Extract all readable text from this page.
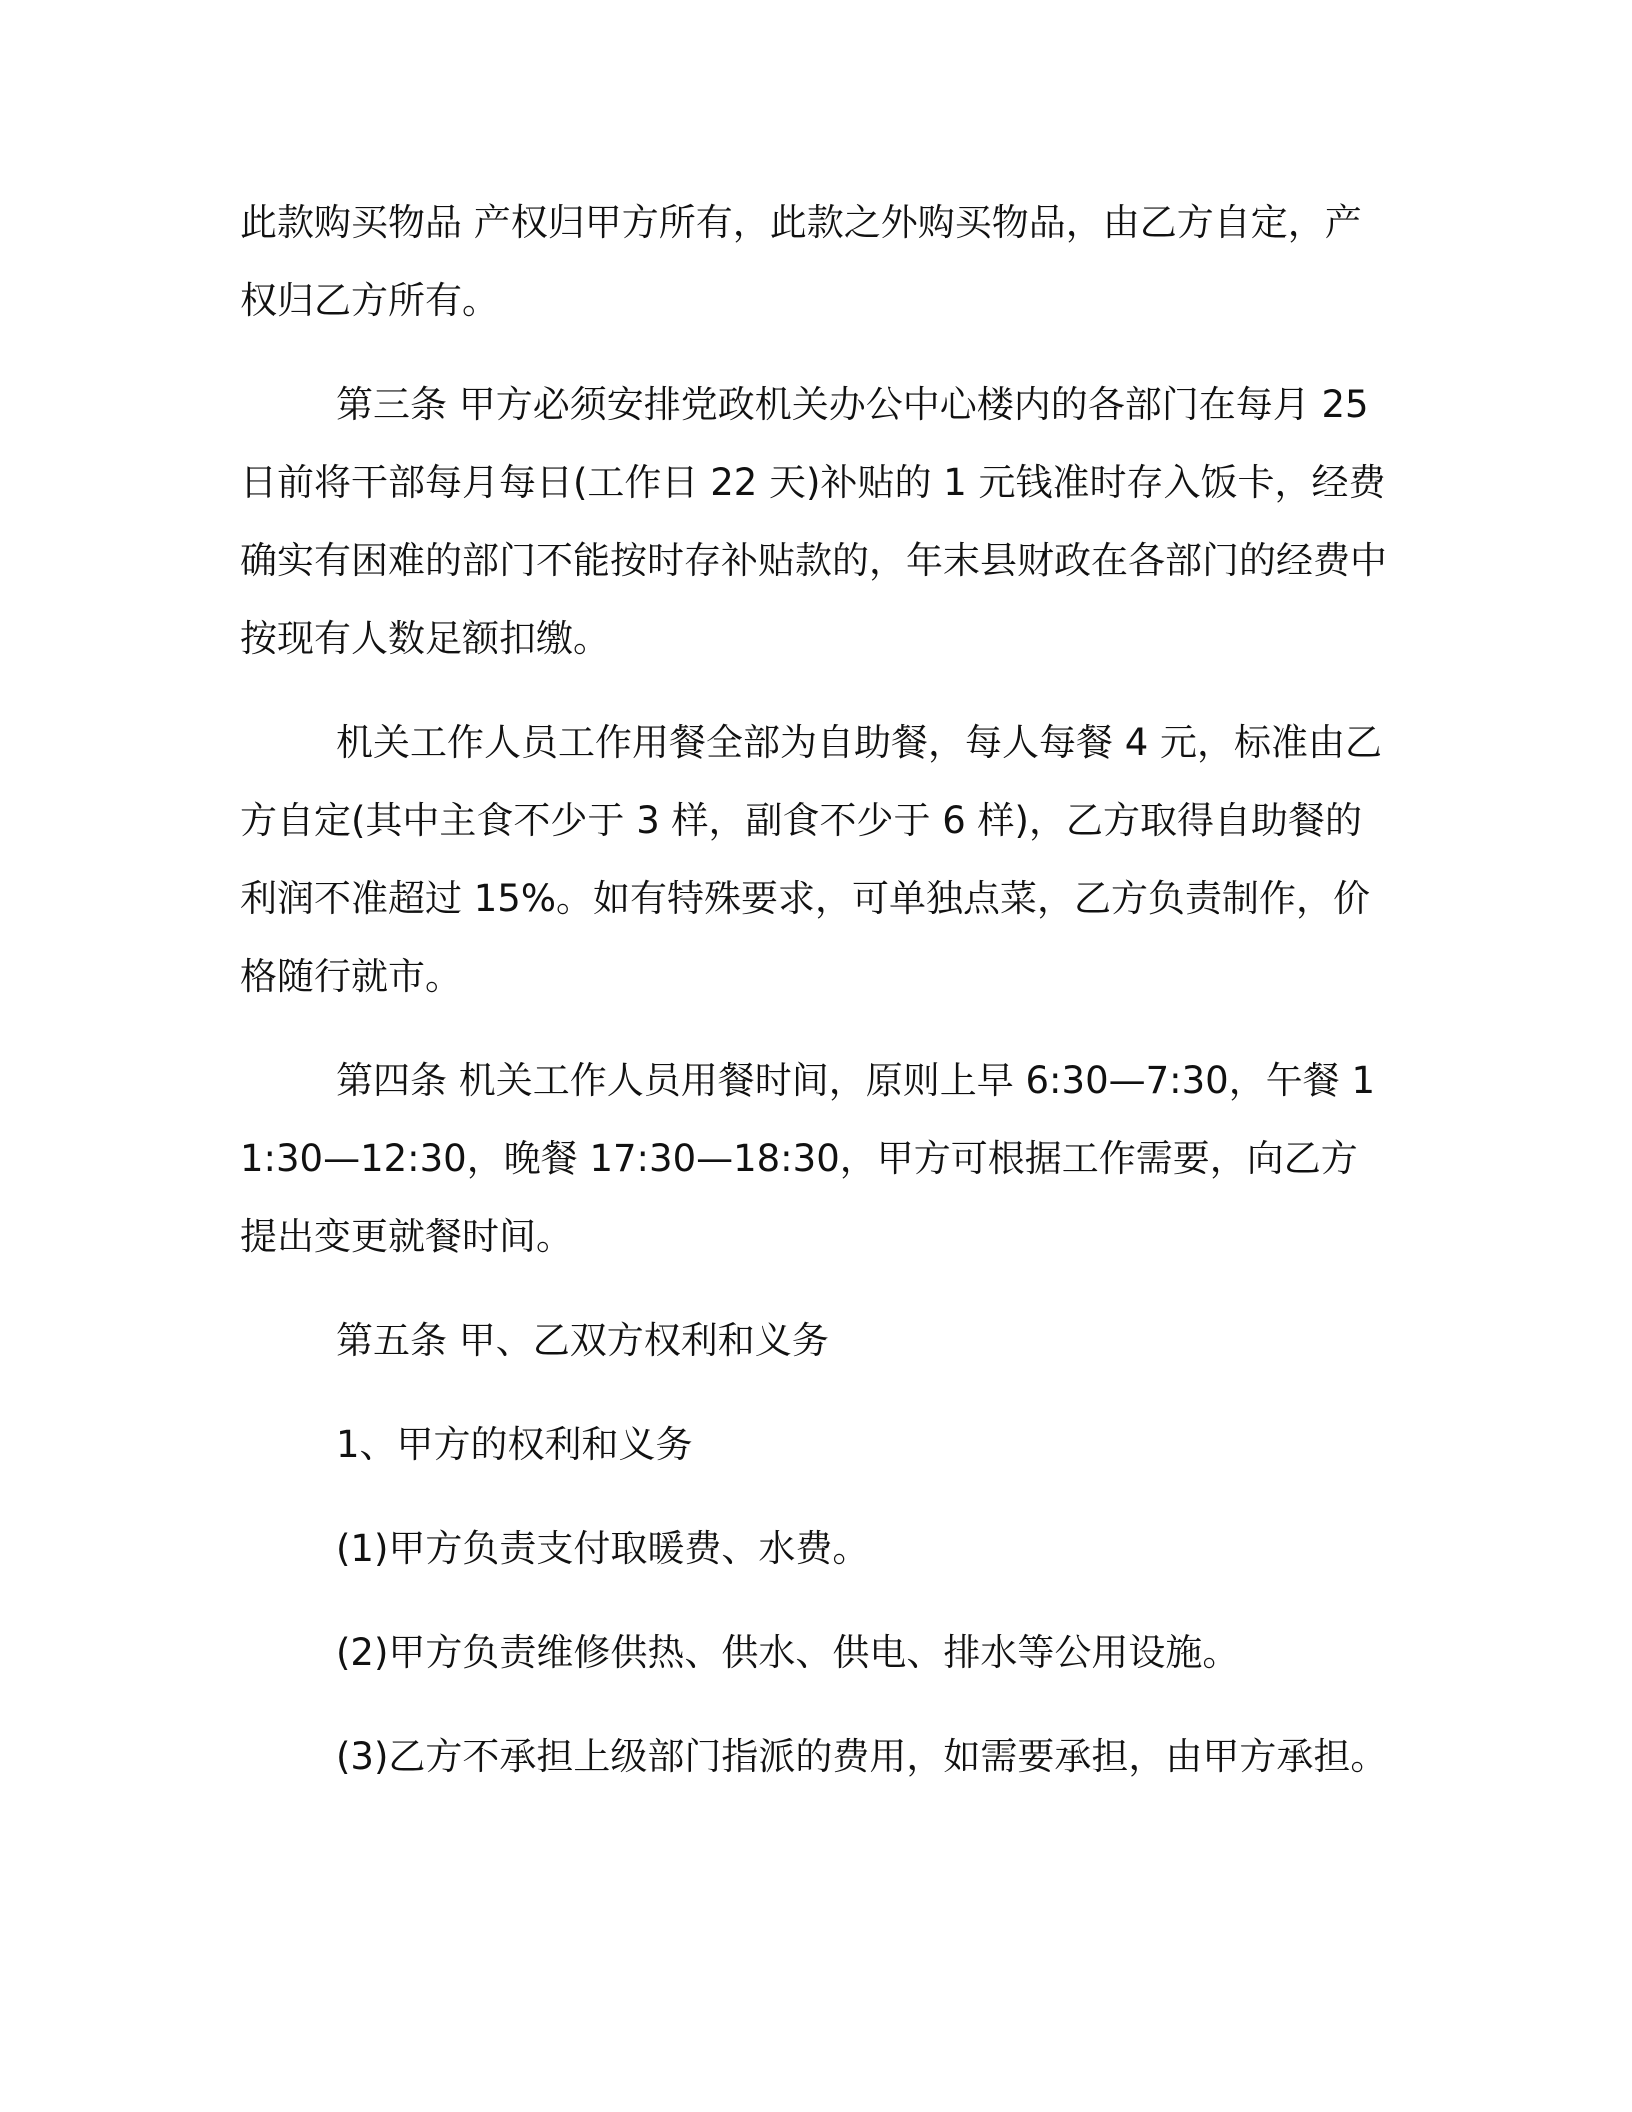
此款购买物品 产权归甲方所有，此款之外购买物品，由乙方自定，产权归乙方所有。

第三条 甲方必须安排党政机关办公中心楼内的各部门在每月 25 日前将干部每月每日(工作日 22 天)补贴的 1 元钱准时存入饭卡，经费确实有困难的部门不能按时存补贴款的，年末县财政在各部门的经费中按现有人数足额扣缴。

机关工作人员工作用餐全部为自助餐，每人每餐 4 元，标准由乙方自定(其中主食不少于 3 样，副食不少于 6 样)，乙方取得自助餐的利润不准超过 15%。如有特殊要求，可单独点菜，乙方负责制作，价格随行就市。

第四条 机关工作人员用餐时间，原则上早 6:30—7:30，午餐 11:30—12:30，晚餐 17:30—18:30，甲方可根据工作需要，向乙方提出变更就餐时间。

第五条 甲、乙双方权利和义务

1、甲方的权利和义务

(1)甲方负责支付取暖费、水费。

(2)甲方负责维修供热、供水、供电、排水等公用设施。

(3)乙方不承担上级部门指派的费用，如需要承担，由甲方承担。
